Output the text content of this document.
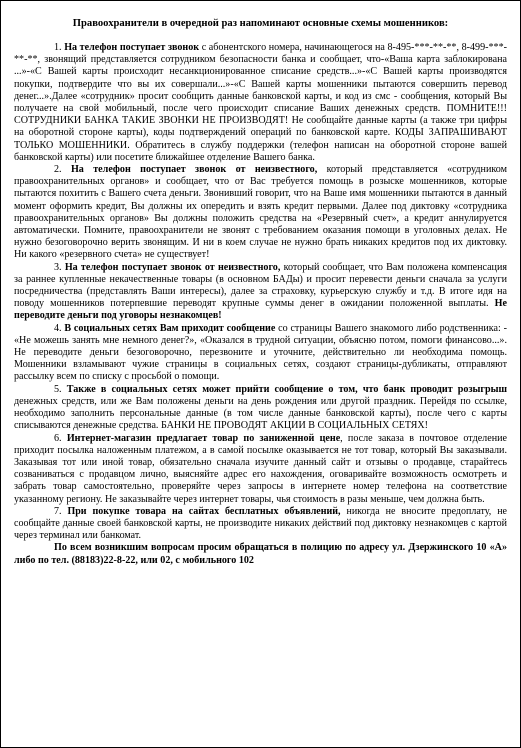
Правоохранители в очередной раз напоминают основные схемы мошенников:

1. На телефон поступает звонок с абонентского номера, начинающегося на 8-495-***-**-**, 8-499-***-**-**, звонящий представляется сотрудником безопасности банка и сообщает, что-«Ваша карта заблокирована ...»-«С Вашей карты происходит несанкционированное списание средств...»-«С Вашей карты производятся покупки, подтвердите что вы их совершали...»-«С Вашей карты мошенники пытаются совершить перевод денег...».Далее «сотрудник» просит сообщить данные банковской карты, и код из смс - сообщения, который Вы получаете на свой мобильный, после чего происходит списание Ваших денежных средств. ПОМНИТЕ!!! СОТРУДНИКИ БАНКА ТАКИЕ ЗВОНКИ НЕ ПРОИЗВОДЯТ! Не сообщайте данные карты (а также три цифры на оборотной стороне карты), коды подтверждений операций по банковской карте. КОДЫ ЗАПРАШИВАЮТ ТОЛЬКО МОШЕННИКИ. Обратитесь в службу поддержки (телефон написан на оборотной стороне вашей банковской карты) или посетите ближайшее отделение Вашего банка.

2. На телефон поступает звонок от неизвестного, который представляется «сотрудником правоохранительных органов» и сообщает, что от Вас требуется помощь в розыске мошенников, которые пытаются похитить с Вашего счета деньги. Звонивший говорит, что на Ваше имя мошенники пытаются в данный момент оформить кредит, Вы должны их опередить и взять кредит первыми. Далее под диктовку «сотрудника правоохранительных органов» Вы должны положить средства на «Резервный счет», а кредит аннулируется автоматически. Помните, правоохранители не звонят с требованием оказания помощи в уголовных делах. Не нужно безоговорочно верить звонящим. И ни в коем случае не нужно брать никаких кредитов под их диктовку. Ни какого «резервного счета» не существует!

3. На телефон поступает звонок от неизвестного, который сообщает, что Вам положена компенсация за раннее купленные некачественные товары (в основном БАДы) и просит перевести деньги сначала за услуги посредничества (представлять Ваши интересы), далее за страховку, курьерскую службу и т.д. В итоге идя на поводу мошенников потерпевшие переводят крупные суммы денег в ожидании положенной выплаты. Не переводите деньги под уговоры незнакомцев!

4. В социальных сетях Вам приходит сообщение со страницы Вашего знакомого либо родственника: - «Не можешь занять мне немного денег?», «Оказался в трудной ситуации, объясню потом, помоги финансово...». Не переводите деньги безоговорочно, перезвоните и уточните, действительно ли необходима помощь. Мошенники взламывают чужие страницы в социальных сетях, создают страницы-дубликаты, отправляют рассылку всем по списку с просьбой о помощи.

5. Также в социальных сетях может прийти сообщение о том, что банк проводит розыгрыш денежных средств, или же Вам положены деньги на день рождения или другой праздник. Перейдя по ссылке, необходимо заполнить персональные данные (в том числе данные банковской карты), после чего с карты списываются денежные средства. БАНКИ НЕ ПРОВОДЯТ АКЦИИ В СОЦИАЛЬНЫХ СЕТЯХ!

6. Интернет-магазин предлагает товар по заниженной цене, после заказа в почтовое отделение приходит посылка наложенным платежом, а в самой посылке оказывается не тот товар, который Вы заказывали. Заказывая тот или иной товар, обязательно сначала изучите данный сайт и отзывы о продавце, старайтесь созваниваться с продавцом лично, выясняйте адрес его нахождения, оговаривайте возможность осмотреть и забрать товар самостоятельно, проверяйте через запросы в интернете номер телефона на соответствие указанному региону. Не заказывайте через интернет товары, чья стоимость в разы меньше, чем должна быть.

7. При покупке товара на сайтах бесплатных объявлений, никогда не вносите предоплату, не сообщайте данные своей банковской карты, не производите никаких действий под диктовку незнакомцев с картой через терминал или банкомат.

По всем возникшим вопросам просим обращаться в полицию по адресу ул. Дзержинского 10 «А» либо по тел. (88183)22-8-22, или 02, с мобильного 102
